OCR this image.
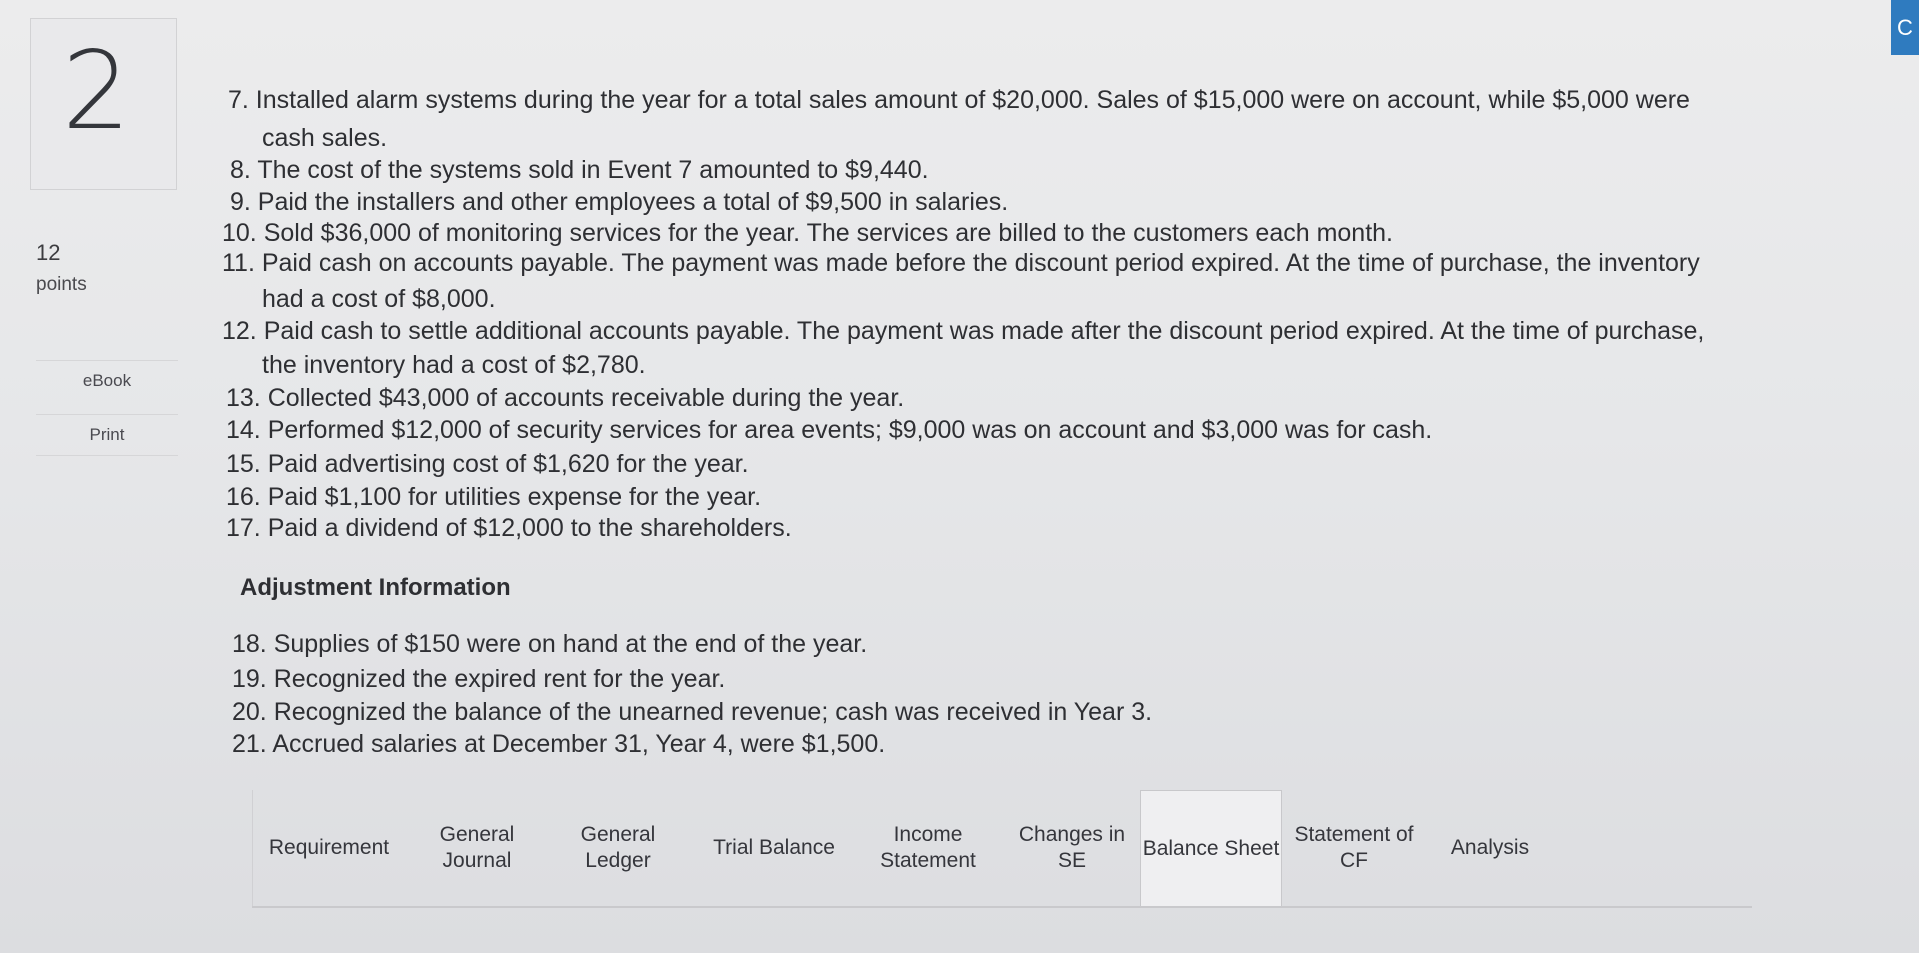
2
12
points
eBook
Print
C
7. Installed alarm systems during the year for a total sales amount of $20,000. Sales of $15,000 were on account, while $5,000 were
cash sales.
8. The cost of the systems sold in Event 7 amounted to $9,440.
9. Paid the installers and other employees a total of $9,500 in salaries.
10. Sold $36,000 of monitoring services for the year. The services are billed to the customers each month.
11. Paid cash on accounts payable. The payment was made before the discount period expired. At the time of purchase, the inventory
had a cost of $8,000.
12. Paid cash to settle additional accounts payable. The payment was made after the discount period expired. At the time of purchase,
the inventory had a cost of $2,780.
13. Collected $43,000 of accounts receivable during the year.
14. Performed $12,000 of security services for area events; $9,000 was on account and $3,000 was for cash.
15. Paid advertising cost of $1,620 for the year.
16. Paid $1,100 for utilities expense for the year.
17. Paid a dividend of $12,000 to the shareholders.
Adjustment Information
18. Supplies of $150 were on hand at the end of the year.
19. Recognized the expired rent for the year.
20. Recognized the balance of the unearned revenue; cash was received in Year 3.
21. Accrued salaries at December 31, Year 4, were $1,500.
Requirement
General Journal
General Ledger
Trial Balance
Income Statement
Changes in SE
Balance Sheet
Statement of CF
Analysis
